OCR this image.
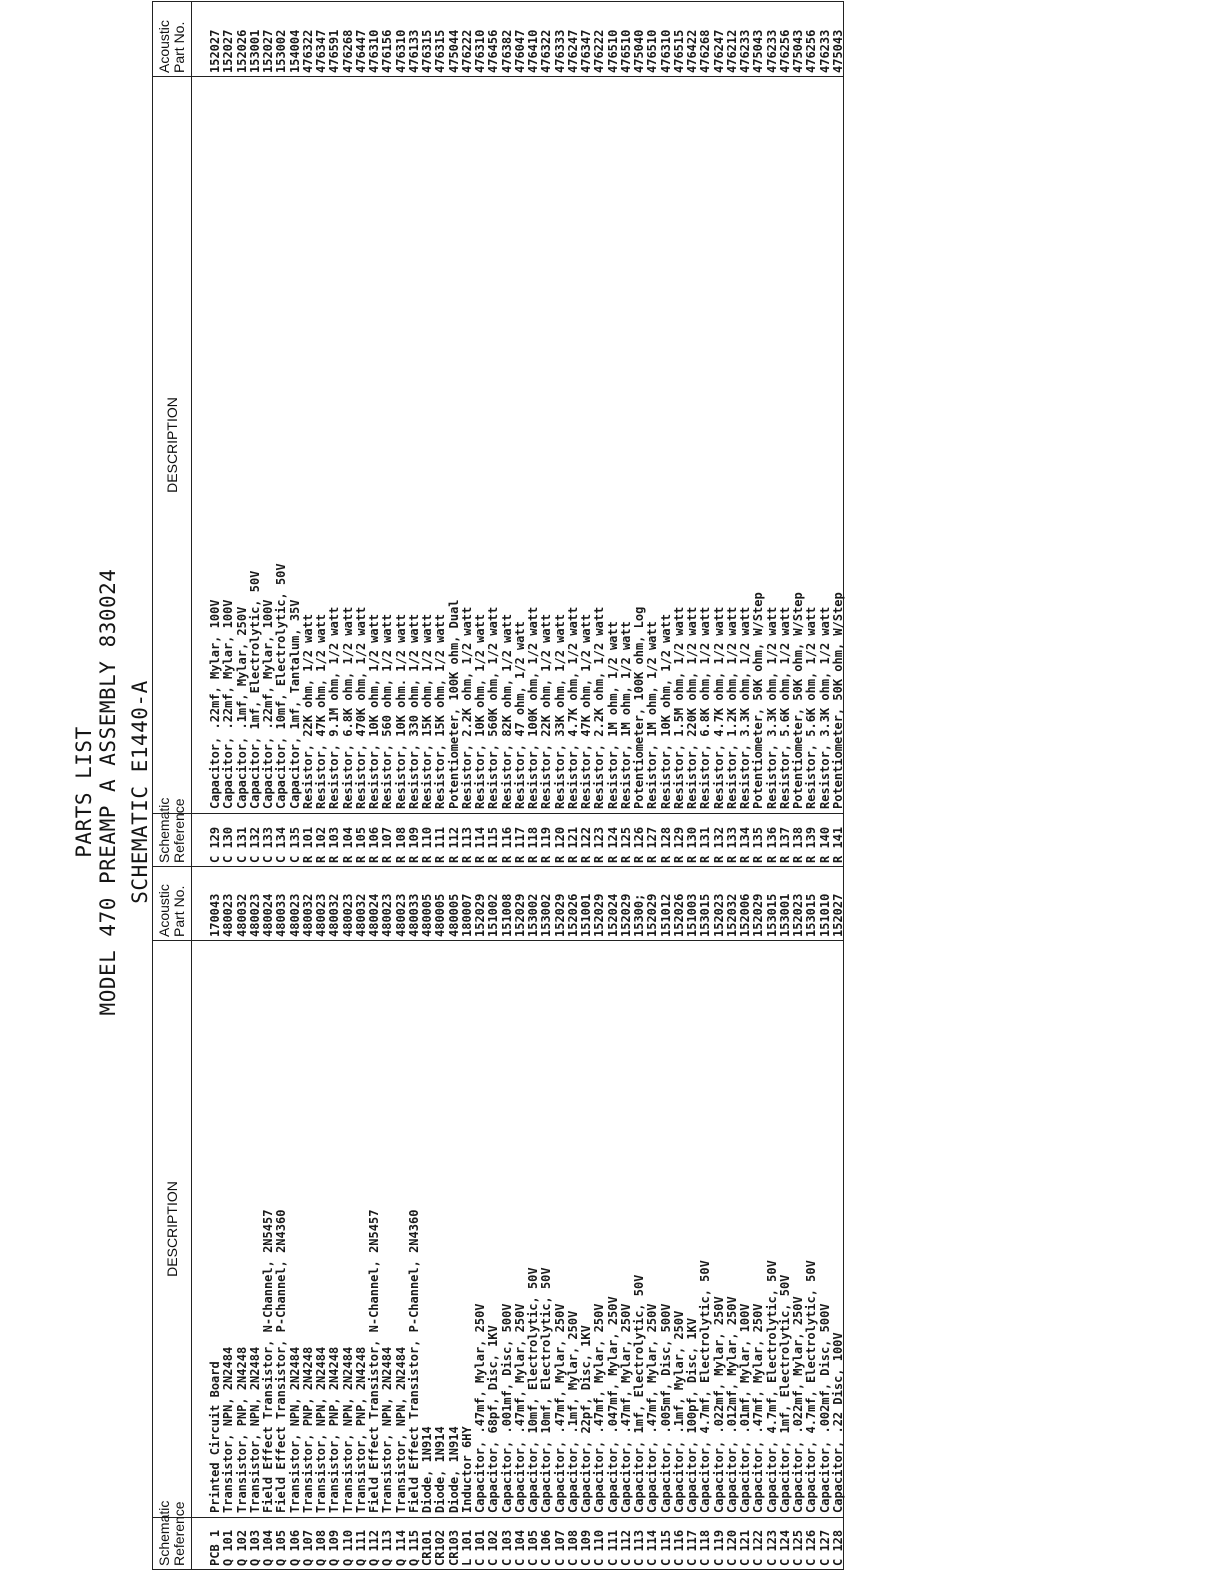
PARTS LIST MODEL 470 PREAMP A ASSEMBLY 830024 SCHEMATIC E1440-A
Schematic Reference
DESCRIPTION
Acoustic Part No.
PCB 1
Printed Circuit Board
170043
Q 101
Transistor, NPN, 2N2484
480023
Q 102
Transistor, PNP, 2N4248
480032
Q 103
Transistor, NPN, 2N2484
480023
Q 104
Field Effect Transistor, N-Channel, 2N5457
480024
Q 105
Field Effect Transistor, P-Channel, 2N4360
480033
Q 106
Transistor, NPN, 2N2484
480023
Q 107
Transistor, PNP, 2N4248
480032
Q 108
Transistor, NPN, 2N2484
480023
Q 109
Transistor, PNP, 2N4248
480032
Q 110
Transistor, NPN, 2N2484
480023
Q 111
Transistor, PNP, 2N4248
480032
Q 112
Field Effect Transistor, N-Channel, 2N5457
480024
Q 113
Transistor, NPN, 2N2484
480023
Q 114
Transistor, NPN, 2N2484
480023
Q 115
Field Effect Transistor, P-Channel, 2N4360
480033
CR101
Diode, 1N914
480005
CR102
Diode, 1N914
480005
CR103
Diode, 1N914
480005
L 101
Inductor 6HY
180007
C 101
Capacitor, .47mf, Mylar, 250V
152029
C 102
Capacitor, 68pf, Disc, 1KV
151002
C 103
Capacitor, .001mf, Disc, 500V
151008
C 104
Capacitor, .47mf, Mylar, 250V
152029
C 105
Capacitor, 10mf, Electrolytic, 50V
153002
C 106
Capacitor, 10mf, Electrolytic, 50V
153002
C 107
Capacitor, .47mf, Mylar, 250V
152029
C 108
Capacitor, .1mf, Mylar, 250V
152026
C 109
Capacitor, 22pf, Disc, 1KV
151001
C 110
Capacitor, .47mf, Mylar, 250V
152029
C 111
Capacitor, .047mf, Mylar, 250V
152024
C 112
Capacitor, .47mf, Mylar, 250V
152029
C 113
Capacitor, 1mf, Electrolytic, 50V
15300;
C 114
Capacitor, .47mf, Mylar, 250V
152029
C 115
Capacitor, .005mf, Disc, 500V
151012
C 116
Capacitor, .1mf, Mylar, 250V
152026
C 117
Capacitor, 100pf, Disc, 1KV
151003
C 118
Capacitor, 4.7mf, Electrolytic, 50V
153015
C 119
Capacitor, .022mf, Mylar, 250V
152023
C 120
Capacitor, .012mf, Mylar, 250V
152032
C 121
Capacitor, .01mf, Mylar, 100V
152006
C 122
Capacitor, .47mf, Mylar, 250V
152029
C 123
Capacitor, 4.7mf, Electrolytic, 50V
153015
C 124
Capacitor, 1mf, Electrolytic, 50V
153001
C 125
Capacitor, .022mf, Mylar, 250V
152023
C 126
Capacitor, 4.7mf, Electrolytic, 50V
153015
C 127
Capacitor, .002mf, Disc, 500V
151010
C 128
Capacitor, .22 Disc, 100V
152027
Schematic Reference
DESCRIPTION
Acoustic Part No.
C 129
Capacitor, .22mf, Mylar, 100V
152027
C 130
Capacitor, .22mf, Mylar, 100V
152027
C 131
Capacitor, .1mf, Mylar, 250V
152026
C 132
Capacitor, 1mf, Electrolytic, 50V
153001
C 133
Capacitor, .22mf, Mylar, 100V
152027
C 134
Capacitor, 10mf, Electrolytic, 50V
153002
C 135
Capacitor, 1mf, Tantalum, 35V
154004
R 101
Resistor, 22K ohm, 1/2 watt
476322
R 102
Resistor, 47K ohm, 1/2 watt
476347
R 103
Resistor, 9.1M ohm, 1/2 watt
476591
R 104
Resistor, 6.8K ohm, 1/2 watt
476268
R 105
Resistor, 470K ohm, 1/2 watt
476447
R 106
Resistor, 10K ohm, 1/2 watt
476310
R 107
Resistor, 560 ohm, 1/2 watt
476156
R 108
Resistor, 10K ohm. 1/2 watt
476310
R 109
Resistor, 330 ohm, 1/2 watt
476133
R 110
Resistor, 15K ohm, 1/2 watt
476315
R 111
Resistor, 15K ohm, 1/2 watt
476315
R 112
Potentiometer, 100K ohm, Dual
475044
R 113
Resistor, 2.2K ohm, 1/2 watt
476222
R 114
Resistor, 10K ohm, 1/2 watt
476310
R 115
Resistor, 560K ohm, 1/2 watt
476456
R 116
Resistor, 82K ohm, 1/2 watt
476382
R 117
Resistor, 47 ohm, 1/2 watt
476047
R 118
Resistor, 100K ohm, 1/2 watt
476410
R 119
Resistor, 22K ohm, 1/2 watt
476322
R 120
Resistor, 33K ohm, 1/2 watt
476333
R 121
Resistor, 4.7K ohm, 1/2 watt
476247
R 122
Resistor, 47K ohm, 1/2 watt
476347
R 123
Resistor, 2.2K ohm, 1/2 watt
476222
R 124
Resistor, 1M ohm, 1/2 watt
476510
R 125
Resistor, 1M ohm, 1/2 watt
476510
R 126
Potentiometer, 100K ohm, Log
475040
R 127
Resistor, 1M ohm, 1/2 watt
476510
R 128
Resistor, 10K ohm, 1/2 watt
476310
R 129
Resistor, 1.5M ohm, 1/2 watt
476515
R 130
Resistor, 220K ohm, 1/2 watt
476422
R 131
Resistor, 6.8K ohm, 1/2 watt
476268
R 132
Resistor, 4.7K ohm, 1/2 watt
476247
R 133
Resistor, 1.2K ohm, 1/2 watt
476212
R 134
Resistor, 3.3K ohm, 1/2 watt
476233
R 135
Potentiometer, 50K ohm, W/Step
475043
R 136
Resistor, 3.3K ohm, 1/2 watt
476233
R 137
Resistor, 5.6K ohm, 1/2 watt
476256
R 138
Potentiometer, 50K ohm, W/Step
475043
R 139
Resistor, 5.6K ohm, 1/2 watt
476256
R 140
Resistor, 3.3K ohm, 1/2 watt
476233
R 141
Potentiometer, 50K ohm, W/Step
475043
